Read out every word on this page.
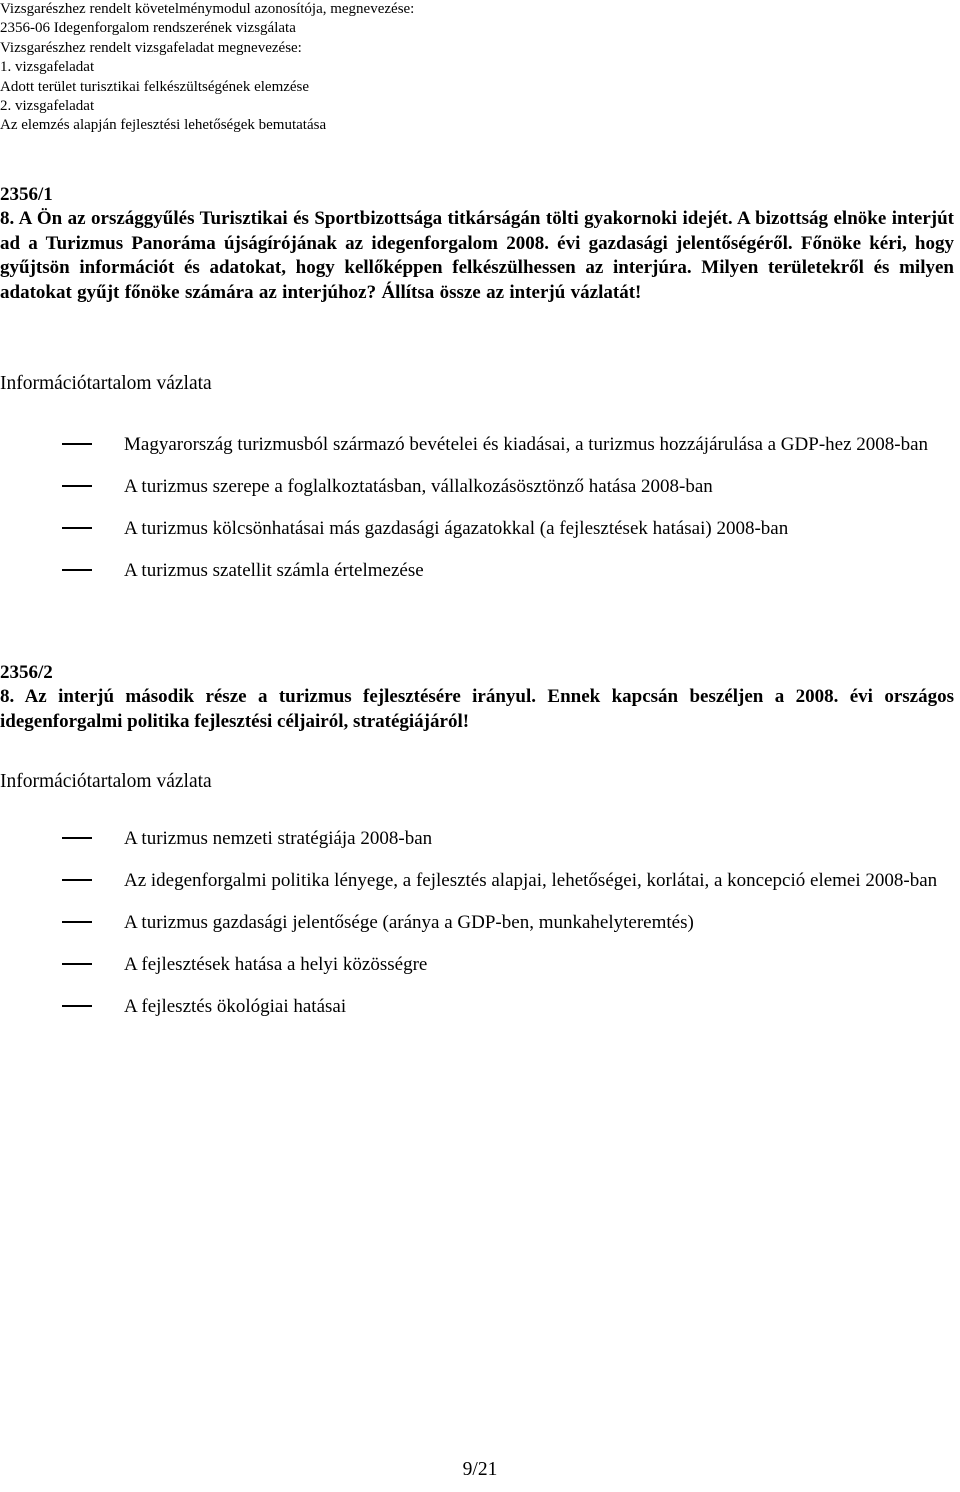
Vizsgarészhez rendelt követelménymodul azonosítója, megnevezése:
2356-06 Idegenforgalom rendszerének vizsgálata
Vizsgarészhez rendelt vizsgafeladat megnevezése:
1. vizsgafeladat
Adott terület turisztikai felkészültségének elemzése
2. vizsgafeladat
Az elemzés alapján fejlesztési lehetőségek bemutatása
2356/1

8. A Ön az országgyűlés Turisztikai és Sportbizottsága titkárságán tölti gyakornoki idejét. A bizottság elnöke interjút ad a Turizmus Panoráma újságírójának az idegenforgalom 2008. évi gazdasági jelentőségéről. Főnöke kéri, hogy gyűjtsön információt és adatokat, hogy kellőképpen felkészülhessen az interjúra. Milyen területekről és milyen adatokat gyűjt főnöke számára az interjúhoz? Állítsa össze az interjú vázlatát!

Információtartalom vázlata
Magyarország turizmusból származó bevételei és kiadásai, a turizmus hozzájárulása a GDP-hez 2008-ban
A turizmus szerepe a foglalkoztatásban, vállalkozásösztönző hatása 2008-ban
A turizmus kölcsönhatásai más gazdasági ágazatokkal (a fejlesztések hatásai) 2008-ban
A turizmus szatellit számla értelmezése
2356/2

8. Az interjú második része a turizmus fejlesztésére irányul. Ennek kapcsán beszéljen a 2008. évi országos idegenforgalmi politika fejlesztési céljairól, stratégiájáról!

Információtartalom vázlata
A turizmus nemzeti stratégiája 2008-ban
Az idegenforgalmi politika lényege, a fejlesztés alapjai, lehetőségei, korlátai, a koncepció elemei 2008-ban
A turizmus gazdasági jelentősége (aránya a GDP-ben, munkahelyteremtés)
A fejlesztések hatása a helyi közösségre
A fejlesztés ökológiai hatásai
9/21
